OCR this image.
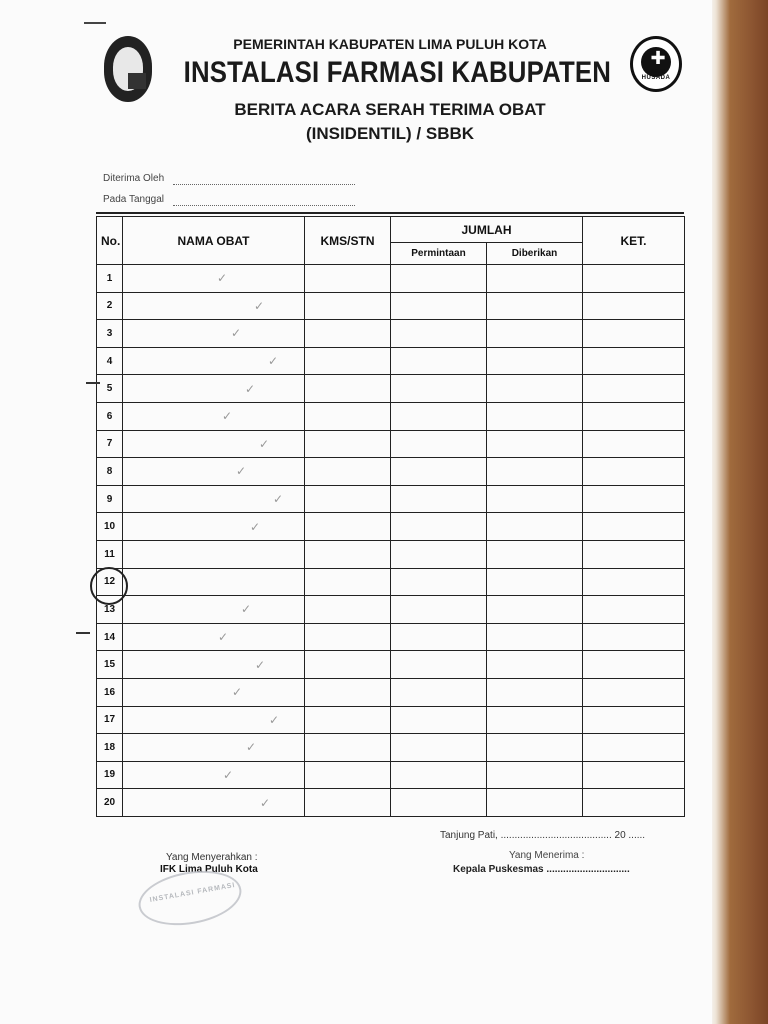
PEMERINTAH KABUPATEN LIMA PULUH KOTA
INSTALASI FARMASI KABUPATEN
BERITA ACARA SERAH TERIMA OBAT
(INSIDENTIL) / SBBK
✚
BAKTI HUSADA
Diterima Oleh
Pada Tanggal
No.	NAMA OBAT	KMS/STN	JUMLAH		KET.
			Permintaan	Diberikan	
1	✓				
2	✓				
3	✓				
4	✓				
5	✓				
6	✓				
7	✓				
8	✓				
9	✓				
10	✓				
11					
12					
13	✓				
14	✓				
15	✓				
16	✓				
17	✓				
18	✓				
19	✓				
20	✓				
Tanjung Pati, ........................................ 20 ......
Yang Menyerahkan :
IFK Lima Puluh Kota
Yang Menerima :
Kepala Puskesmas ..............................
INSTALASI FARMASI
